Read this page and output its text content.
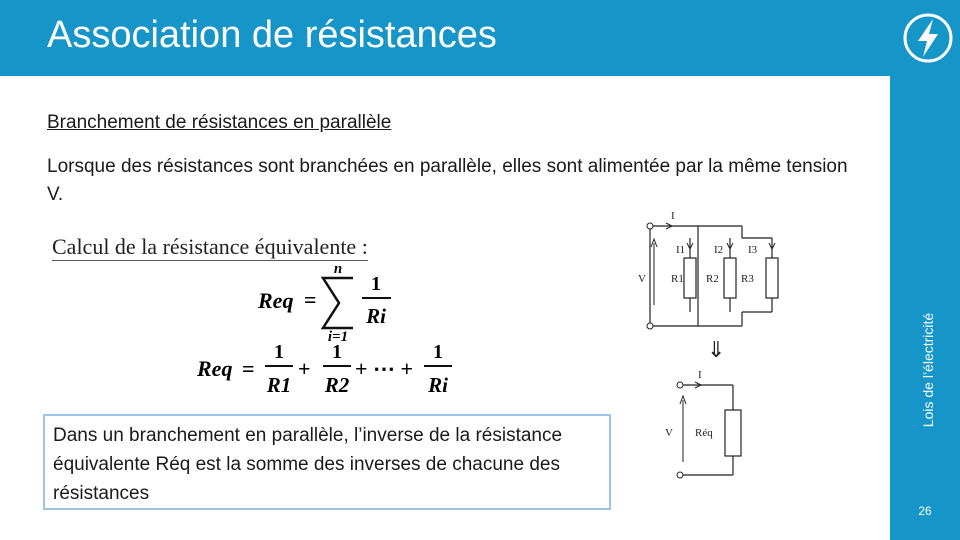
Association de résistances
Lois de l’électricité
26
Branchement de résistances en parallèle
Lorsque des résistances sont branchées en parallèle, elles sont alimentée par la même tension V.
Calcul de la résistance équivalente :
Req =
n
i=1
1
Ri
Req =
1
R1
+
1
R2
+ ⋯ +
1
Ri
Dans un branchement en parallèle, l’inverse de la résistance équivalente Réq est la somme des inverses de chacune des résistances
I
V
I1	I2 I3
R1 R2 R3
⇓
I
V Réq
